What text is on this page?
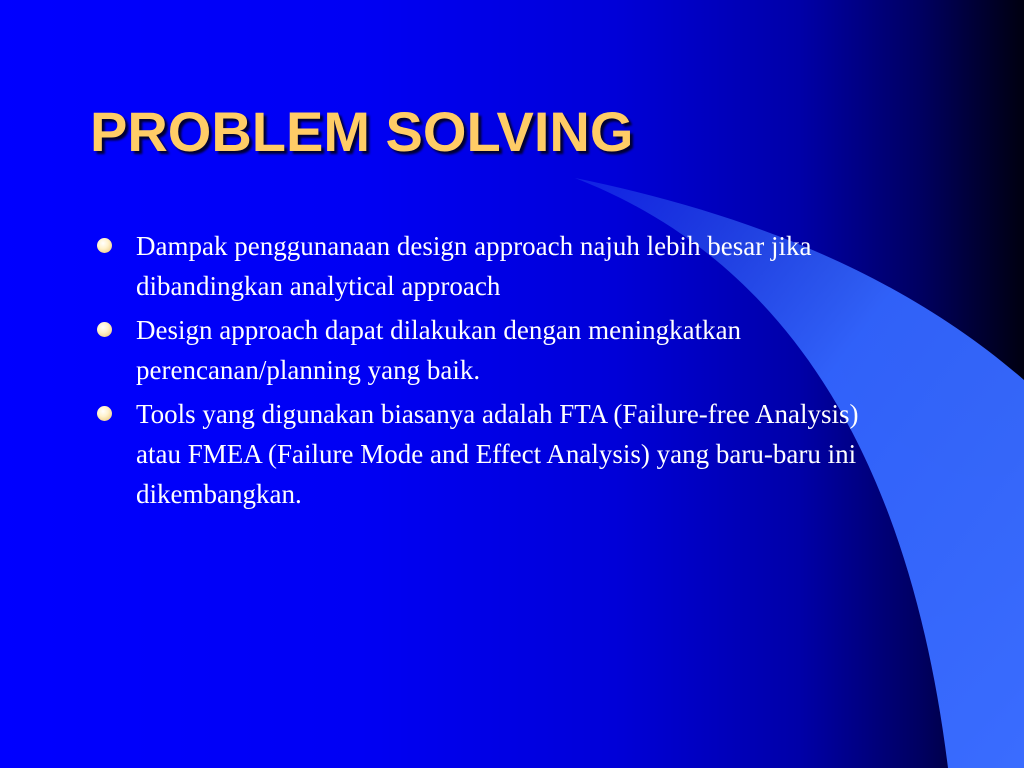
PROBLEM SOLVING
Dampak penggunanaan design approach najuh lebih besar jika dibandingkan analytical approach
Design approach dapat dilakukan dengan meningkatkan perencanan/planning yang baik.
Tools yang digunakan biasanya adalah FTA (Failure-free Analysis) atau FMEA (Failure Mode and Effect Analysis) yang baru-baru ini dikembangkan.
